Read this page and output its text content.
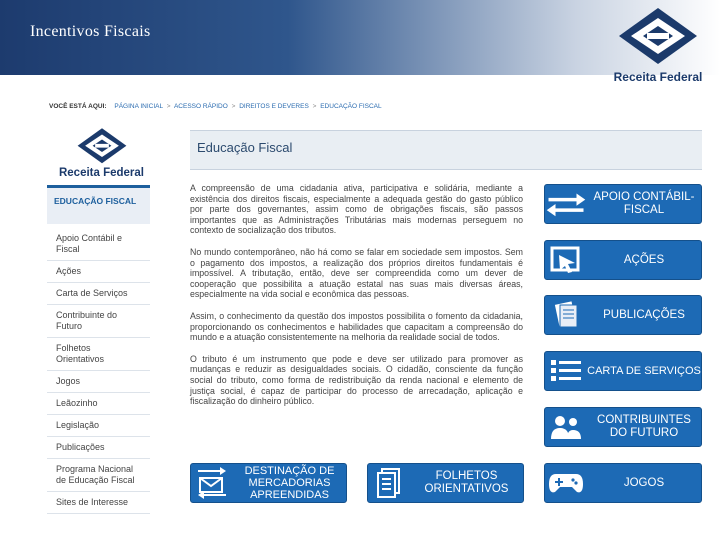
Incentivos Fiscais
Receita Federal
VOCÊ ESTÁ AQUI: PÁGINA INICIAL > ACESSO RÁPIDO > DIREITOS E DEVERES > EDUCAÇÃO FISCAL
Receita Federal
EDUCAÇÃO FISCAL
Apoio Contábil e Fiscal
Ações
Carta de Serviços
Contribuinte do Futuro
Folhetos Orientativos
Jogos
Leãozinho
Legislação
Publicações
Programa Nacional de Educação Fiscal
Sites de Interesse
Educação Fiscal

A compreensão de uma cidadania ativa, participativa e solidária, mediante a existência dos direitos fiscais, especialmente a adequada gestão do gasto público por parte dos governantes, assim como de obrigações fiscais, são passos importantes que as Administrações Tributárias mais modernas perseguem no contexto de socialização dos tributos.

No mundo contemporâneo, não há como se falar em sociedade sem impostos. Sem o pagamento dos impostos, a realização dos próprios direitos fundamentais é impossível. A tributação, então, deve ser compreendida como um dever de cooperação que possibilita a atuação estatal nas suas mais diversas áreas, especialmente na vida social e econômica das pessoas.

Assim, o conhecimento da questão dos impostos possibilita o fomento da cidadania, proporcionando os conhecimentos e habilidades que capacitam a compreensão do mundo e a atuação consistentemente na melhoria da realidade social de todos.

O tributo é um instrumento que pode e deve ser utilizado para promover as mudanças e reduzir as desigualdades sociais. O cidadão, consciente da função social do tributo, como forma de redistribuição da renda nacional e elemento de justiça social, é capaz de participar do processo de arrecadação, aplicação e fiscalização do dinheiro público.

APOIO CONTÁBIL-FISCAL
AÇÕES
PUBLICAÇÕES
CARTA DE SERVIÇOS
CONTRIBUINTES DO FUTURO
JOGOS
DESTINAÇÃO DE MERCADORIAS APREENDIDAS
FOLHETOS ORIENTATIVOS
